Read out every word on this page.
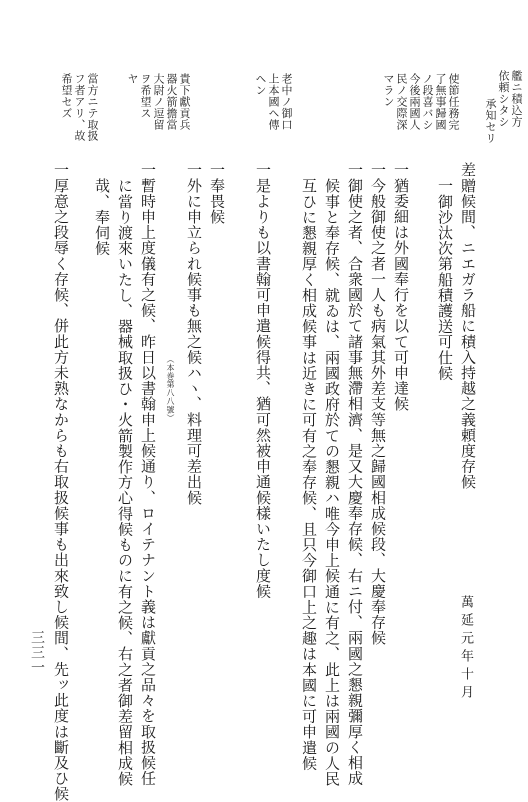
艦ニ積込方
依頼シタシ
承知セリ
使節任務完
了無事歸國
ノ段喜バシ
今後兩國人
民ノ交際深
マラン
老中ノ御口
上本國ヘ傳
ヘン
貴下獻貢兵
器火箭擔當
大尉ノ逗留
ヲ希望ス
ヤ
當方ニテ取扱
フ者アリ、故
希望セズ
差贈候間、ニエガラ船に積入持越之義頼度存候
一御沙汰次第船積護送可仕候
一猶委細は外國奉行を以て可申達候
一今般御使之者一人も病氣其外差支等無之歸國相成候段、大慶奉存候
一御使之者、合衆國於て諸事無滯相濟、是又大慶奉存候、右ニ付、兩國之懇親彌厚く相成
候事と奉存候、就ゐは、兩國政府於ての懇親ハ唯今申上候通に有之、此上は兩國の人民
互ひに懇親厚く相成候事は近きに可有之奉存候、且只今御口上之趣は本國に可申遣候
一是よりも以書翰可申遣候得共、猶可然被申通候樣いたし度候
一奉畏候
一外に申立られ候事も無之候ハヽ、料理可差出候
（本巻第八八號）
一暫時申上度儀有之候、昨日以書翰申上候通り、ロイテナント義は獻貢之品々を取扱候任
に當り渡來いたし、器械取扱ひ・火箭製作方心得候ものに有之候、右之者御差留相成候
哉、奉伺候
一厚意之段辱く存候、併此方未熟なからも右取扱候事も出來致し候間、先ッ此度は斷及ひ候	萬延元年十月
三三一
